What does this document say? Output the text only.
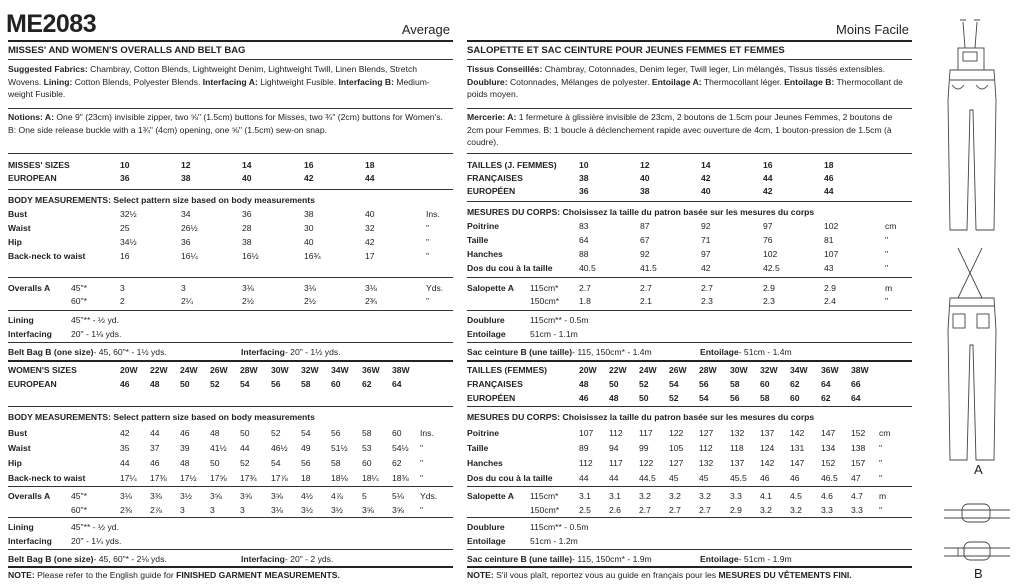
ME2083	Average
MISSES' AND WOMEN'S OVERALLS AND BELT BAG
Suggested Fabrics: Chambray, Cotton Blends, Lightweight Denim, Lightweight Twill, Linen Blends, Stretch Wovens. Lining: Cotton Blends, Polyester Blends. Interfacing A: Lightweight Fusible. Interfacing B: Medium-weight Fusible.
Notions: A: One 9" (23cm) invisible zipper, two ⅝" (1.5cm) buttons for Misses, two ¾" (2cm) buttons for Women's. B: One side release buckle with a 1¾" (4cm) opening, one ⅝" (1.5cm) sew-on snap.
NOTE: Please refer to the English guide for FINISHED GARMENT MEASUREMENTS.
MISSES' SIZES	10	12	14	16	18
EUROPEAN	36	38	40	42	44
BODY MEASUREMENTS: Select pattern size based on body measurements
Bust	32½	34	36	38	40	Ins.
Waist	25	26½	28	30	32	"
Hip	34½	36	38	40	42	"
Back-neck to waist	16	16¼	16½	16¾	17	"
Overalls A 45"*	3	3	3⅛	3⅛	3⅛	Yds.
60"*	2	2¼	2½	2½	2¾	"
Lining	45"** - ½ yd.
Interfacing 20" - 1⅛ yds.
Belt Bag B (one size) - 45, 60"* - 1½ yds.	Interfacing - 20" - 1½ yds.
WOMEN'S SIZES	20W 22W 24W 26W 28W 30W 32W 34W 36W 38W
EUROPEAN	46 48 50 52 54 56 58 60 62 64
BODY MEASUREMENTS: Select pattern size based on body measurements
Bust	42 44 46 48 50 52 54 56 58 60 Ins.
Waist	35 37 39 41½ 44 46½ 49 51½ 53 54½ "
Hip	44 46 48 50 52 54 56 58 60 62 "
Back-neck to waist	17¼ 17⅜ 17½ 17⅝ 17¾ 17⅞ 18 18⅛ 18¼ 18⅜ "
Overalls A 45"*	3⅛ 3⅜ 3½ 3⅝ 3⅝ 3⅝ 4½ 4⅞ 5	5⅛ Yds.
60"*	2⅜ 2⅞ 3	3	3	3⅛ 3½ 3½ 3⅝ 3⅝ "
Lining	45"** - ½ yd.
Interfacing 20" - 1¼ yds.
Belt Bag B (one size) - 45, 60"* - 2⅛ yds.	Interfacing - 20" - 2 yds.
Moins Facile
SALOPETTE ET SAC CEINTURE POUR JEUNES FEMMES ET FEMMES
Tissus Conseillés: Chambray, Cotonnades, Denim leger, Twill leger, Lin mélangés, Tissus tissés extensibles. Doublure: Cotonnades, Mélanges de polyester. Entoilage A: Thermocollant léger. Entoilage B: Thermocollant de poids moyen.
Mercerie: A: 1 fermeture à glissière invisible de 23cm, 2 boutons de 1.5cm pour Jeunes Femmes, 2 boutons de 2cm pour Femmes. B: 1 boucle à déclenchement rapide avec ouverture de 4cm, 1 bouton-pression de 1.5cm (à coudre).
NOTE: S'il vous plaît, reportez vous au guide en français pour les MESURES DU VÊTEMENTS FINI.
TAILLES (J. FEMMES)	10	12	14	16	18
FRANÇAISES	38	40	42	44	46
EUROPÉEN	36	38	40	42	44
MESURES DU CORPS: Choisissez la taille du patron basée sur les mesures du corps
Poitrine	83	87	92	97	102	cm
Taille	64	67	71	76	81	"
Hanches	88	92	97	102	107	"
Dos du cou à la taille	40.5	41.5	42	42.5	43	"
Salopette A 115cm* 2.7	2.7	2.7	2.9	2.9	m
150cm* 1.8	2.1	2.3	2.3	2.4	"
Doublure	115cm** - 0.5m
Entoilage	51cm - 1.1m
Sac ceinture B (une taille) - 115, 150cm* - 1.4m	Entoilage - 51cm - 1.4m
TAILLES (FEMMES)	20W 22W 24W 26W 28W 30W 32W 34W 36W 38W
FRANÇAISES	48 50 52 54 56 58 60 62 64 66
EUROPÉEN	46 48 50 52 54 56 58 60 62 64
MESURES DU CORPS: Choisissez la taille du patron basée sur les mesures du corps
Poitrine	107 112 117 122 127 132 137 142 147 152 cm
Taille	89 94 99 105 112 118 124 131 134 138 "
Hanches	112 117 122 127 132 137 142 147 152 157 "
Dos du cou à la taille	44 44 44.5 45 45 45.5 46 46 46.5 47 "
Salopette A 115cm* 3.1 3.1 3.2 3.2 3.2 3.3 4.1 4.5 4.6 4.7 m
150cm* 2.5 2.6 2.7 2.7 2.7 2.9 3.2 3.2 3.3 3.3 "
Doublure	115cm** - 0.5m
Entoilage	51cm - 1.2m
Sac ceinture B (une taille) - 115, 150cm* - 1.9m	Entoilage - 51cm - 1.9m
A
B
